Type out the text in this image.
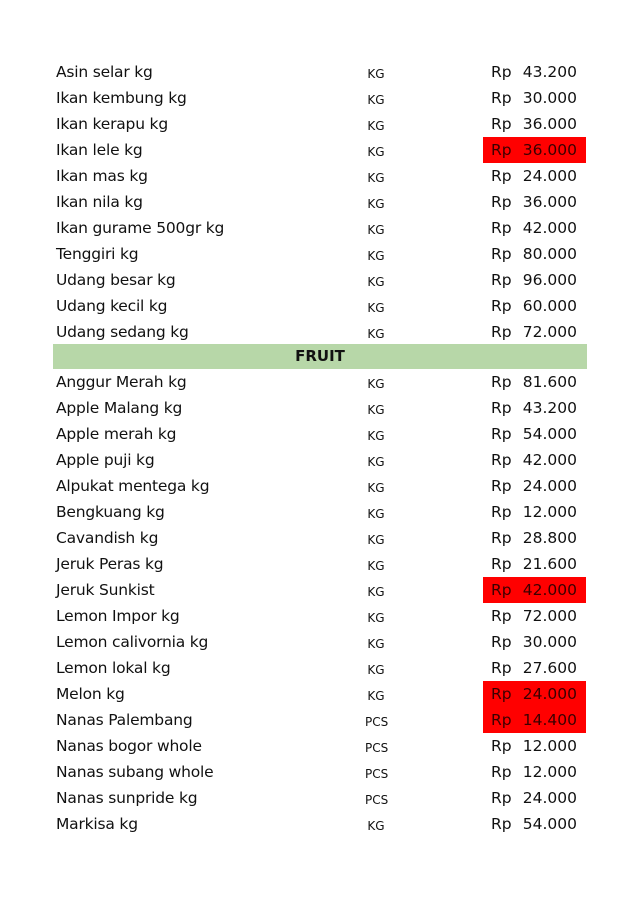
Asin selar kg	KG	Rp 43.200
Ikan kembung kg	KG	Rp 30.000
Ikan kerapu kg	KG	Rp 36.000
Ikan lele kg	KG	Rp 36.000
Ikan mas kg	KG	Rp 24.000
Ikan nila kg	KG	Rp 36.000
Ikan gurame 500gr kg	KG	Rp 42.000
Tenggiri kg	KG	Rp 80.000
Udang besar kg	KG	Rp 96.000
Udang kecil kg	KG	Rp 60.000
Udang sedang kg	KG	Rp 72.000
FRUIT
Anggur Merah kg	KG	Rp 81.600
Apple Malang kg	KG	Rp 43.200
Apple merah kg	KG	Rp 54.000
Apple puji kg	KG	Rp 42.000
Alpukat mentega kg	KG	Rp 24.000
Bengkuang kg	KG	Rp 12.000
Cavandish kg	KG	Rp 28.800
Jeruk Peras kg	KG	Rp 21.600
Jeruk Sunkist	KG	Rp 42.000
Lemon Impor kg	KG	Rp 72.000
Lemon calivornia kg	KG	Rp 30.000
Lemon lokal kg	KG	Rp 27.600
Melon kg	KG	Rp 24.000
Nanas Palembang	PCS	Rp 14.400
Nanas bogor whole	PCS	Rp 12.000
Nanas subang whole	PCS	Rp 12.000
Nanas sunpride kg	PCS	Rp 24.000
Markisa kg	KG	Rp 54.000
